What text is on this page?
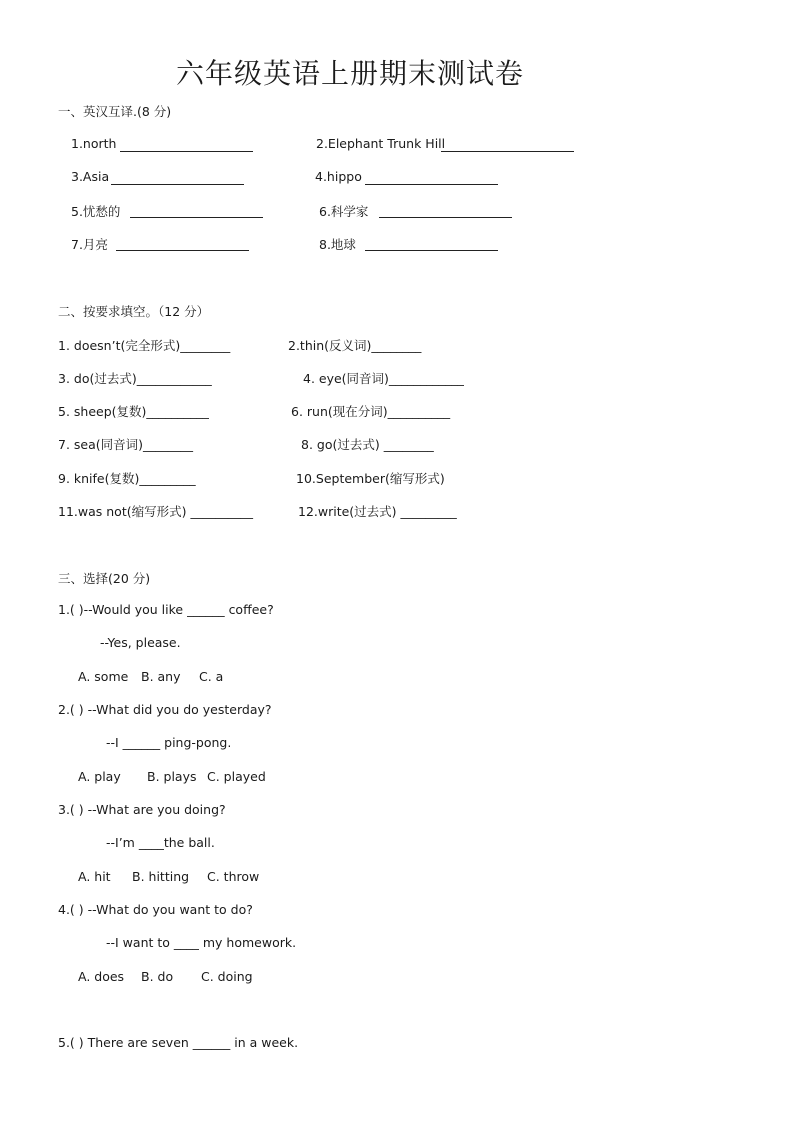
六年级英语上册期末测试卷
一、英汉互译.(8 分)
1.north	2.Elephant Trunk Hill
3.Asia	4.hippo
5.忧愁的	6.科学家
7.月亮	8.地球
二、按要求填空。（12 分）
1. doesn’t(完全形式)________	2.thin(反义词)________
3. do(过去式)____________	4. eye(同音词)____________
5. sheep(复数)__________	6. run(现在分词)__________
7. sea(同音词)________	8. go(过去式) ________
9. knife(复数)_________	10.September(缩写形式)
11.was not(缩写形式) __________	12.write(过去式) _________
三、选择(20 分)
1.( )--Would you like ______ coffee?
--Yes, please.
A. some B. any C. a
2.( ) --What did you do yesterday?
--I ______ ping-pong.
A. play B. plays C. played
3.( ) --What are you doing?
--I’m ____the ball.
A. hit B. hitting C. throw
4.( ) --What do you want to do?
--I want to ____ my homework.
A. does B. do C. doing
5.( ) There are seven ______ in a week.
